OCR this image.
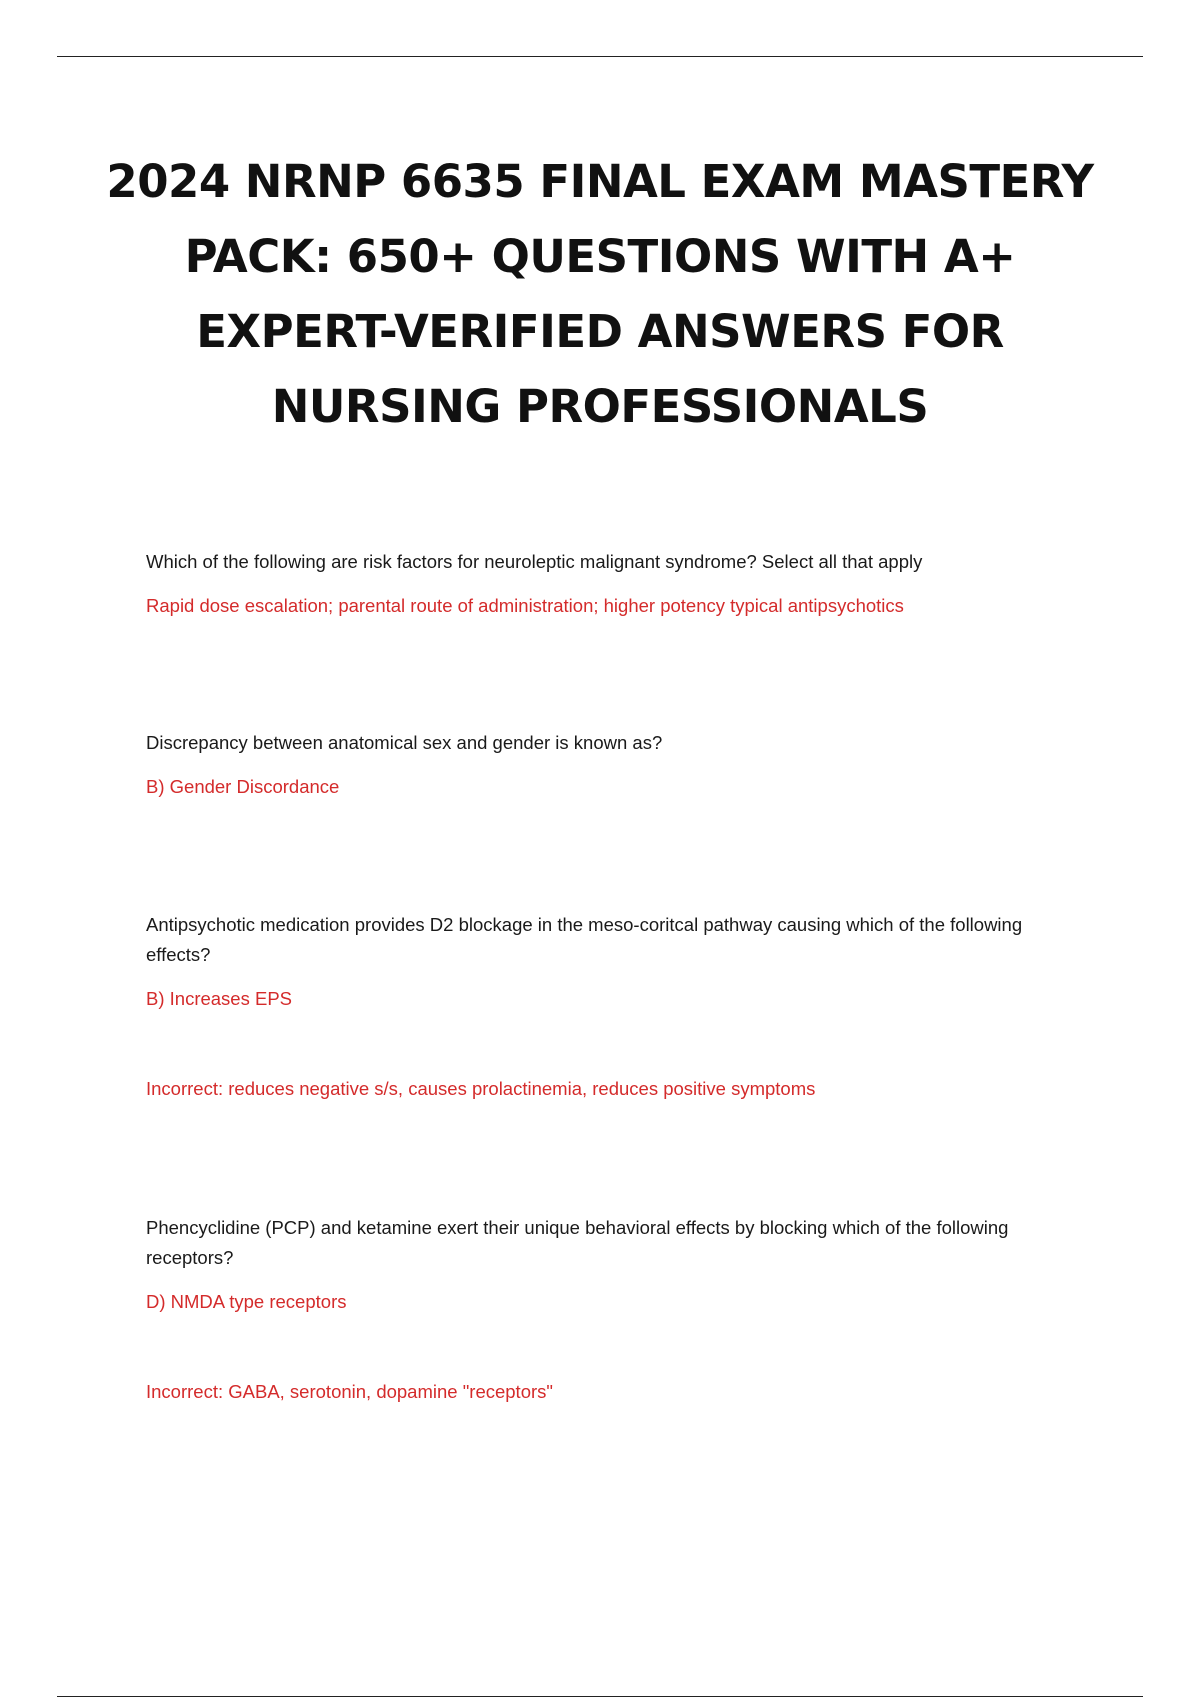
2024 NRNP 6635 FINAL EXAM MASTERY PACK: 650+ QUESTIONS WITH A+ EXPERT-VERIFIED ANSWERS FOR NURSING PROFESSIONALS

Which of the following are risk factors for neuroleptic malignant syndrome? Select all that apply

Rapid dose escalation; parental route of administration; higher potency typical antipsychotics

Discrepancy between anatomical sex and gender is known as?

B) Gender Discordance

Antipsychotic medication provides D2 blockage in the meso-coritcal pathway causing which of the following effects?

B) Increases EPS

Incorrect: reduces negative s/s, causes prolactinemia, reduces positive symptoms

Phencyclidine (PCP) and ketamine exert their unique behavioral effects by blocking which of the following receptors?

D) NMDA type receptors

Incorrect: GABA, serotonin, dopamine "receptors"
